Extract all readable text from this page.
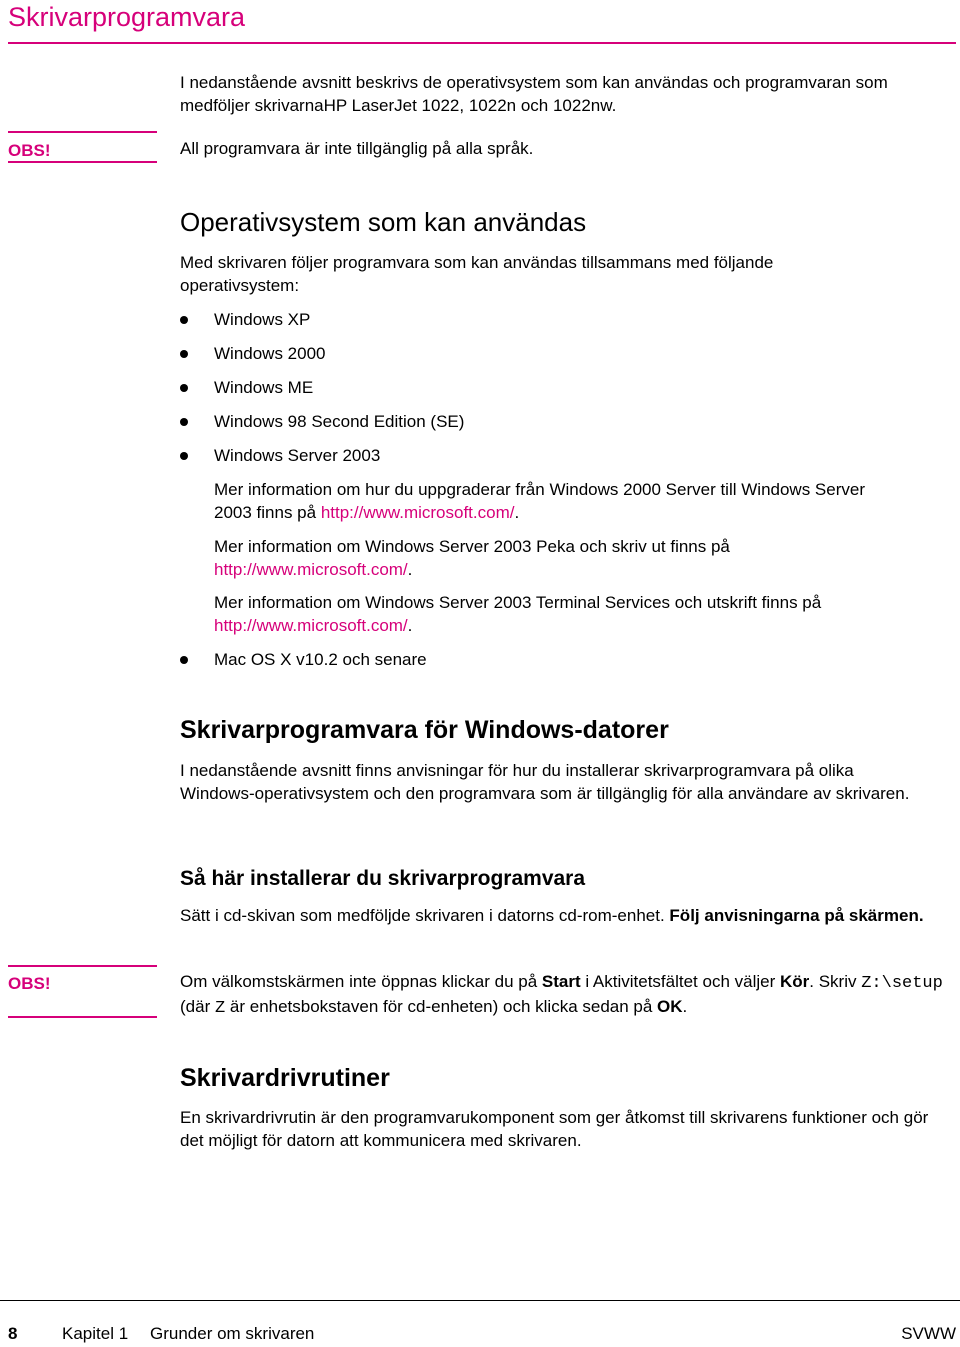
Skrivarprogramvara
I nedanstående avsnitt beskrivs de operativsystem som kan användas och programvaran som medföljer skrivarnaHP LaserJet 1022, 1022n och 1022nw.
OBS!	All programvara är inte tillgänglig på alla språk.
Operativsystem som kan användas
Med skrivaren följer programvara som kan användas tillsammans med följande operativsystem:
Windows XP
Windows 2000
Windows ME
Windows 98 Second Edition (SE)
Windows Server 2003
Mer information om hur du uppgraderar från Windows 2000 Server till Windows Server 2003 finns på http://www.microsoft.com/.
Mer information om Windows Server 2003 Peka och skriv ut finns på http://www.microsoft.com/.
Mer information om Windows Server 2003 Terminal Services och utskrift finns på http://www.microsoft.com/.
Mac OS X v10.2 och senare
Skrivarprogramvara för Windows-datorer
I nedanstående avsnitt finns anvisningar för hur du installerar skrivarprogramvara på olika Windows-operativsystem och den programvara som är tillgänglig för alla användare av skrivaren.
Så här installerar du skrivarprogramvara
Sätt i cd-skivan som medföljde skrivaren i datorns cd-rom-enhet. Följ anvisningarna på skärmen.
OBS!	Om välkomstskärmen inte öppnas klickar du på Start i Aktivitetsfältet och väljer Kör. Skriv Z:\setup (där Z är enhetsbokstaven för cd-enheten) och klicka sedan på OK.
Skrivardrivrutiner
En skrivardrivrutin är den programvarukomponent som ger åtkomst till skrivarens funktioner och gör det möjligt för datorn att kommunicera med skrivaren.
8	Kapitel 1 Grunder om skrivaren	SVWW
